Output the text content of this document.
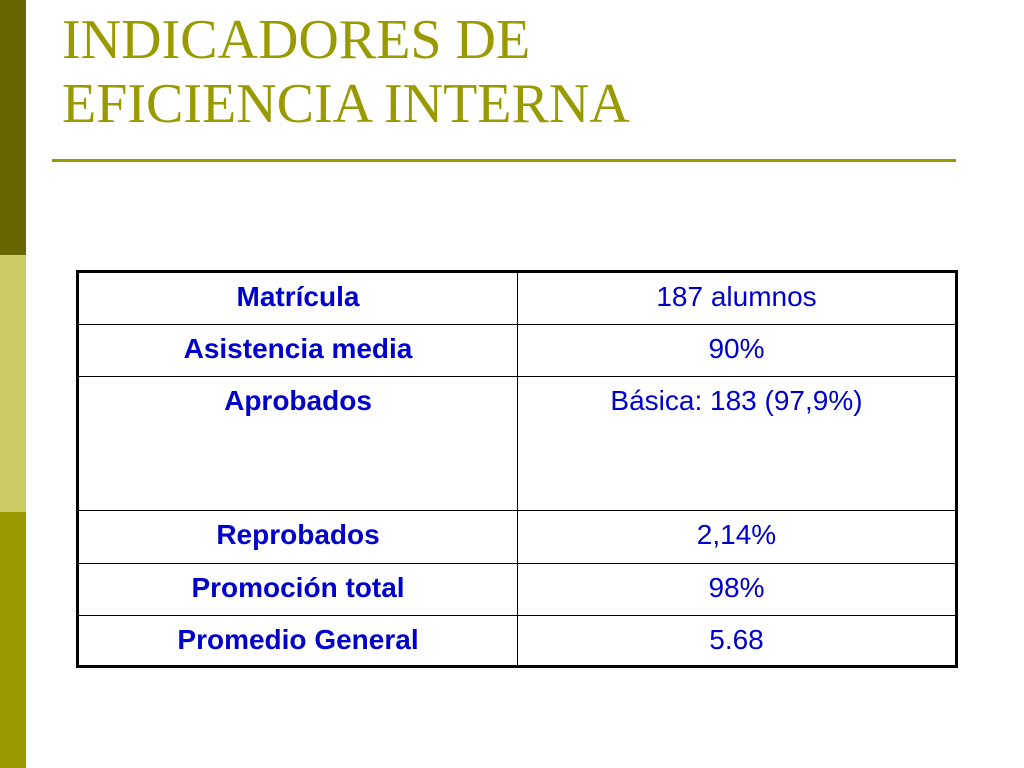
INDICADORES DE
EFICIENCIA INTERNA
Matrícula	187 alumnos
Asistencia media	90%
Aprobados	Básica: 183 (97,9%)
Reprobados	2,14%
Promoción total	98%
Promedio General	5.68
